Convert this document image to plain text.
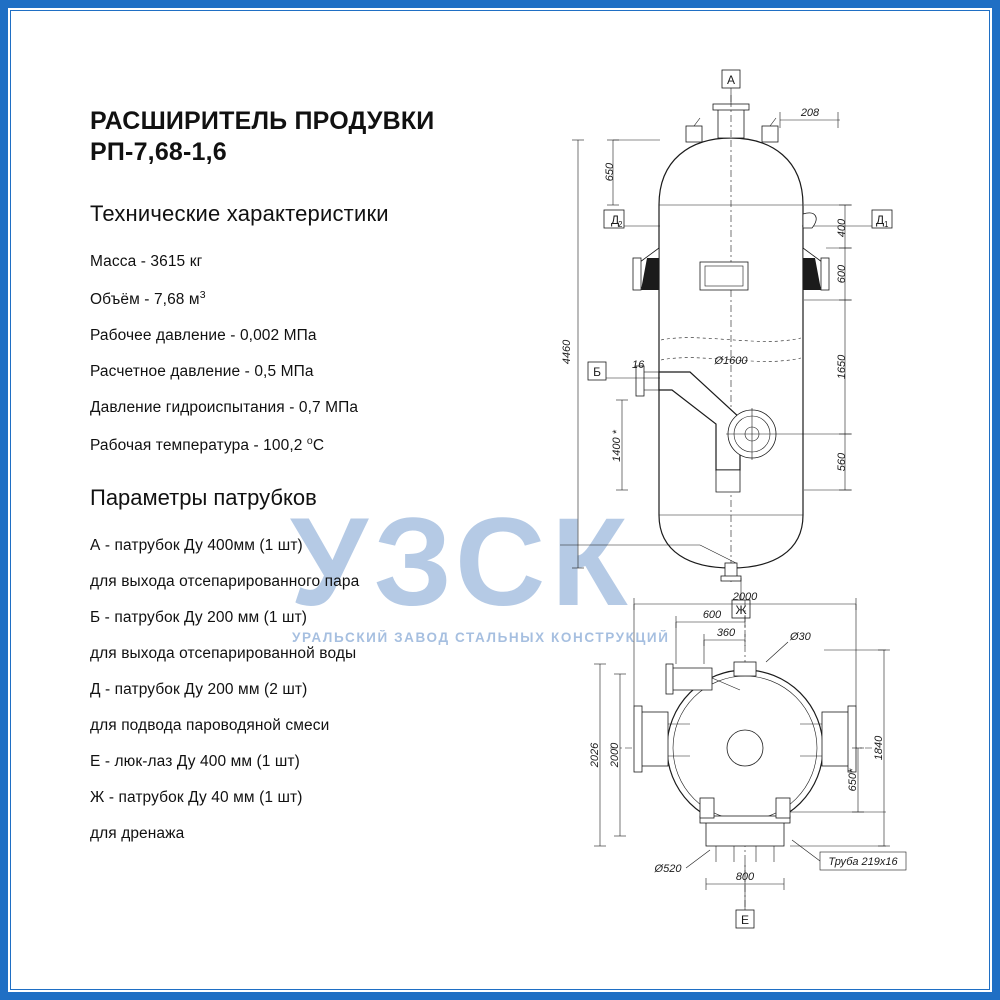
УЗСК
УРАЛЬСКИЙ ЗАВОД СТАЛЬНЫХ КОНСТРУКЦИЙ
РАСШИРИТЕЛЬ ПРОДУВКИ
РП-7,68-1,6
Технические характеристики
Масса - 3615 кг
Объём - 7,68 $м^3$
Рабочее давление - 0,002 МПа
Расчетное давление - 0,5 МПа
Давление гидроиспытания - 0,7 МПа
Рабочая температура - 100,2 $^o$С
Параметры патрубков
А - патрубок Ду 400мм (1 шт)
для выхода отсепарированного пара
Б - патрубок Ду 200 мм (1 шт)
для выхода отсепарированной воды
Д - патрубок Ду 200 мм (2 шт)
для подвода пароводяной смеси
Е - люк-лаз Ду 400 мм (1 шт)
Ж - патрубок Ду 40 мм (1 шт)
для дренажа
А
208
650
4460
400
600
1650
560
1400 *
16	Ø1600
Д
2	Д 1
Б
Ж
Е
2000
600
360	Ø30
2026 2000	1840
650*
Ø520
800
Труба 219х16
